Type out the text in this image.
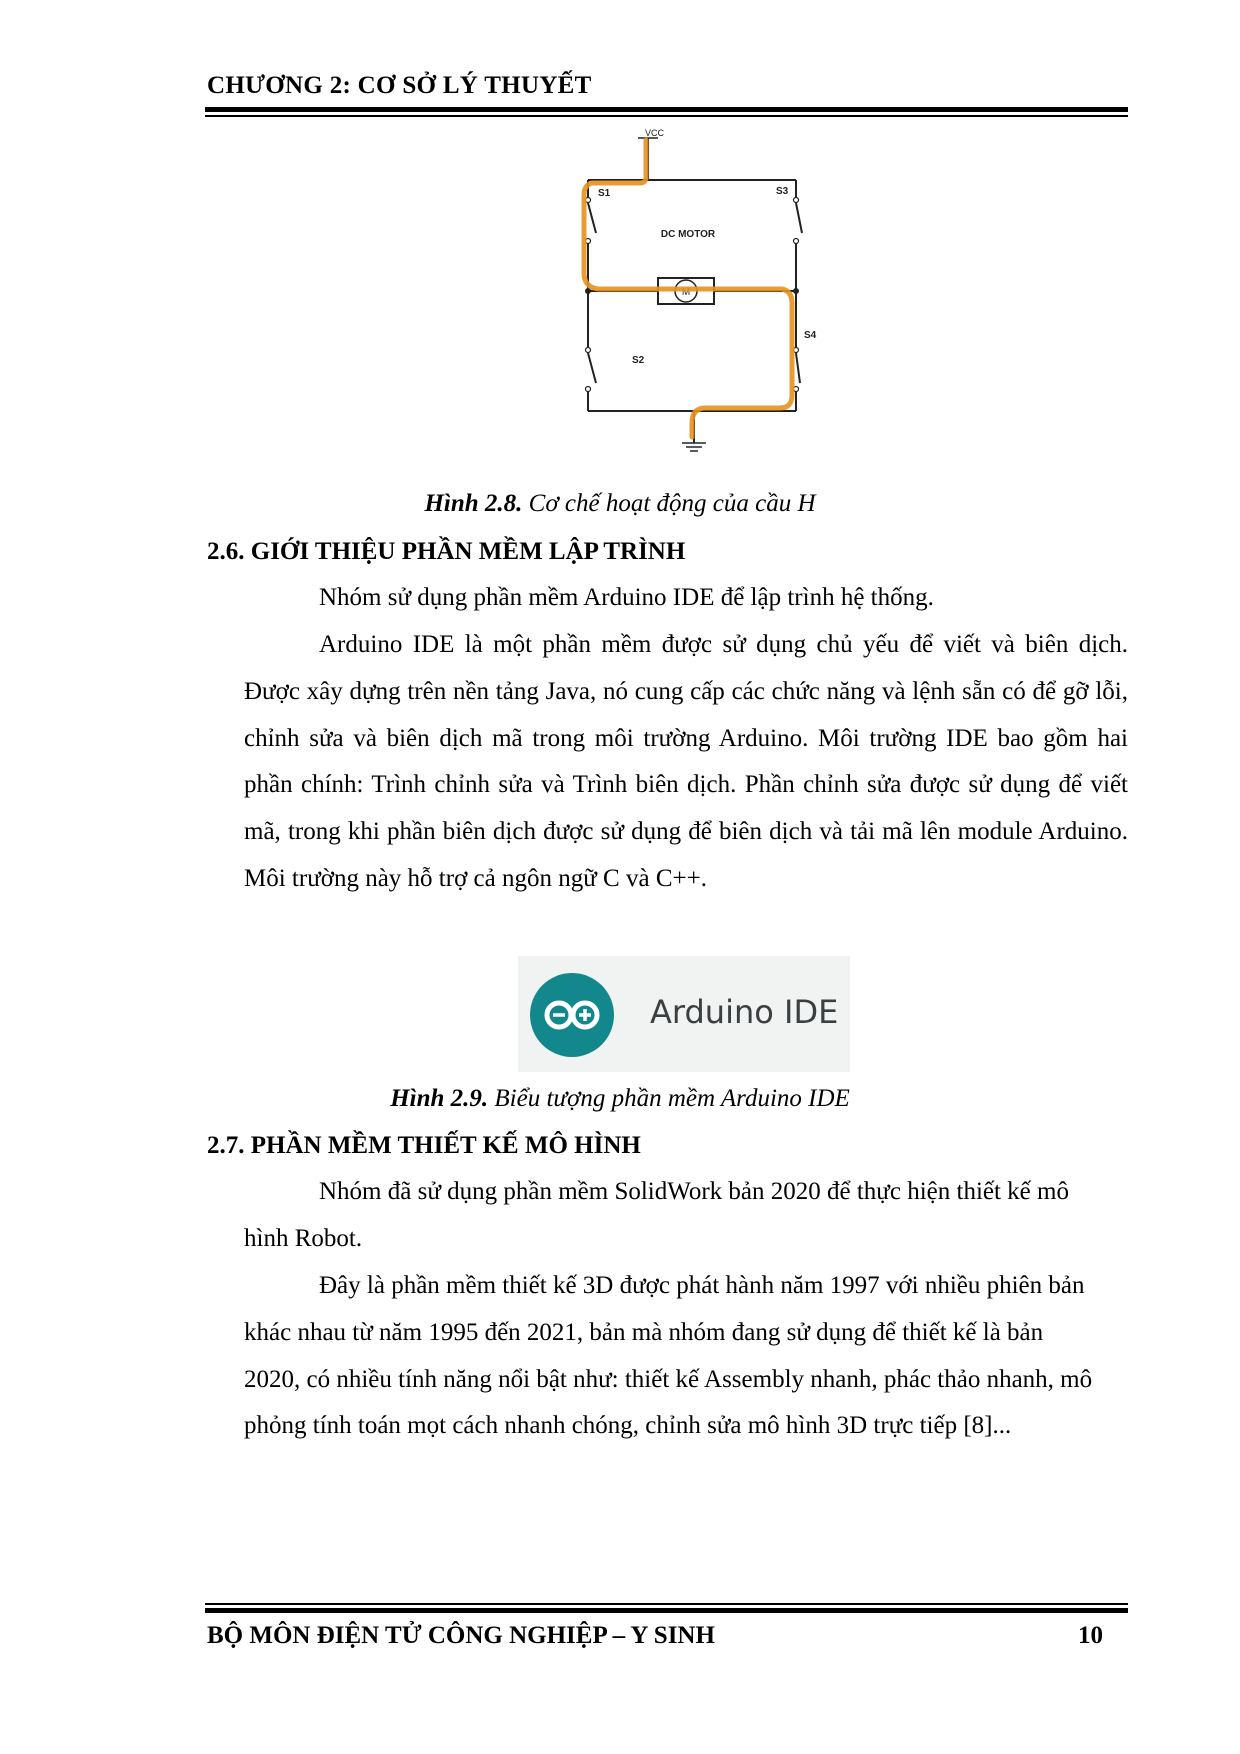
CHƯƠNG 2: CƠ SỞ LÝ THUYẾT
VCC
S1	S3
M
DC MOTOR
S2
S4
Hình 2.8. Cơ chế hoạt động của cầu H
2.6. GIỚI THIỆU PHẦN MỀM LẬP TRÌNH

Nhóm sử dụng phần mềm Arduino IDE để lập trình hệ thống.

Arduino IDE là một phần mềm được sử dụng chủ yếu để viết và biên dịch. Được xây dựng trên nền tảng Java, nó cung cấp các chức năng và lệnh sẵn có để gỡ lỗi, chỉnh sửa và biên dịch mã trong môi trường Arduino. Môi trường IDE bao gồm hai phần chính: Trình chỉnh sửa và Trình biên dịch. Phần chỉnh sửa được sử dụng để viết mã, trong khi phần biên dịch được sử dụng để biên dịch và tải mã lên module Arduino. Môi trường này hỗ trợ cả ngôn ngữ C và C++.

Arduino IDE
Hình 2.9. Biểu tượng phần mềm Arduino IDE
2.7. PHẦN MỀM THIẾT KẾ MÔ HÌNH

Nhóm đã sử dụng phần mềm SolidWork bản 2020 để thực hiện thiết kế mô hình Robot.

Đây là phần mềm thiết kế 3D được phát hành năm 1997 với nhiều phiên bản khác nhau từ năm 1995 đến 2021, bản mà nhóm đang sử dụng để thiết kế là bản 2020, có nhiều tính năng nổi bật như: thiết kế Assembly nhanh, phác thảo nhanh, mô phỏng tính toán mọt cách nhanh chóng, chỉnh sửa mô hình 3D trực tiếp [8]...

BỘ MÔN ĐIỆN TỬ CÔNG NGHIỆP – Y SINH	10
